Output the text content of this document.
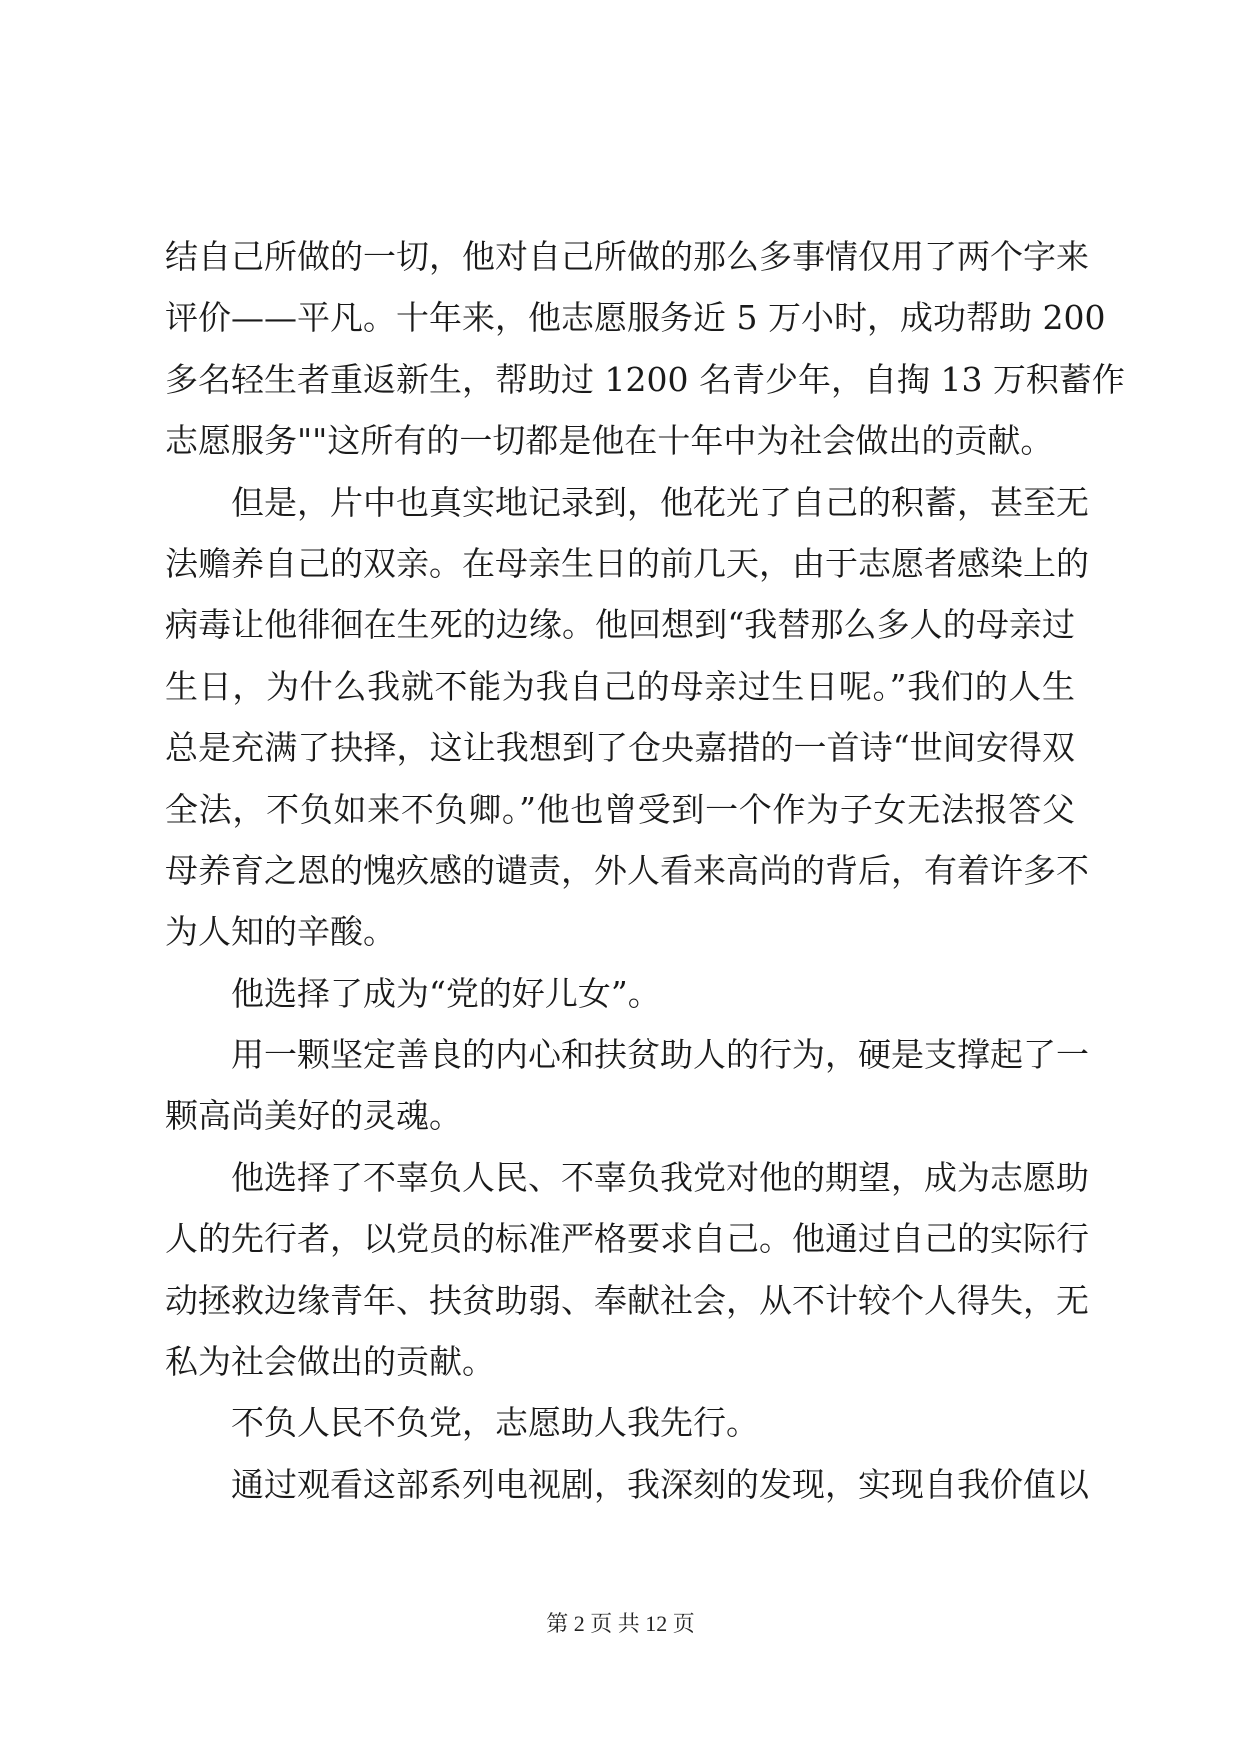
结自己所做的一切，他对自己所做的那么多事情仅用了两个字来
评价——平凡。十年来，他志愿服务近 5 万小时，成功帮助 200
多名轻生者重返新生，帮助过 1200 名青少年，自掏 13 万积蓄作
志愿服务""这所有的一切都是他在十年中为社会做出的贡献。
但是，片中也真实地记录到，他花光了自己的积蓄，甚至无
法赡养自己的双亲。在母亲生日的前几天，由于志愿者感染上的
病毒让他徘徊在生死的边缘。他回想到“我替那么多人的母亲过
生日，为什么我就不能为我自己的母亲过生日呢。”我们的人生
总是充满了抉择，这让我想到了仓央嘉措的一首诗“世间安得双
全法，不负如来不负卿。”他也曾受到一个作为子女无法报答父
母养育之恩的愧疚感的谴责，外人看来高尚的背后，有着许多不
为人知的辛酸。
他选择了成为“党的好儿女”。
用一颗坚定善良的内心和扶贫助人的行为，硬是支撑起了一
颗高尚美好的灵魂。
他选择了不辜负人民、不辜负我党对他的期望，成为志愿助
人的先行者，以党员的标准严格要求自己。他通过自己的实际行
动拯救边缘青年、扶贫助弱、奉献社会，从不计较个人得失，无
私为社会做出的贡献。
不负人民不负党，志愿助人我先行。
通过观看这部系列电视剧，我深刻的发现，实现自我价值以
第 2 页 共 12 页
